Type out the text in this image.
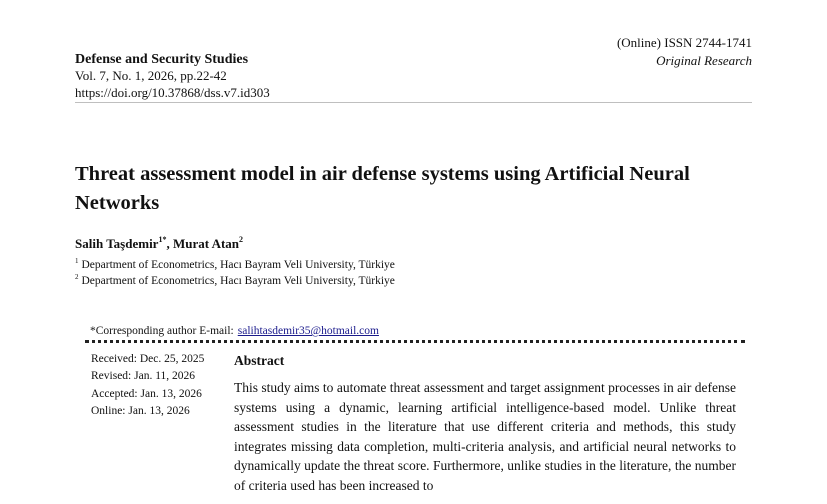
Defense and Security Studies
Vol. 7, No. 1, 2026, pp.22-42
https://doi.org/10.37868/dss.v7.id303
(Online) ISSN 2744-1741
Original Research
Threat assessment model in air defense systems using Artificial Neural Networks
Salih Taşdemir$^{1*}$, Murat Atan$^2$
$^1$ Department of Econometrics, Hacı Bayram Veli University, Türkiye
$^2$ Department of Econometrics, Hacı Bayram Veli University, Türkiye
*Corresponding author E-mail: salihtasdemir35@hotmail.com
Received: Dec. 25, 2025
Revised: Jan. 11, 2026
Accepted: Jan. 13, 2026
Online: Jan. 13, 2026
Abstract
This study aims to automate threat assessment and target assignment processes in air defense systems using a dynamic, learning artificial intelligence-based model. Unlike threat assessment studies in the literature that use different criteria and methods, this study integrates missing data completion, multi-criteria analysis, and artificial neural networks to dynamically update the threat score. Furthermore, unlike studies in the literature, the number of criteria used has been increased to
